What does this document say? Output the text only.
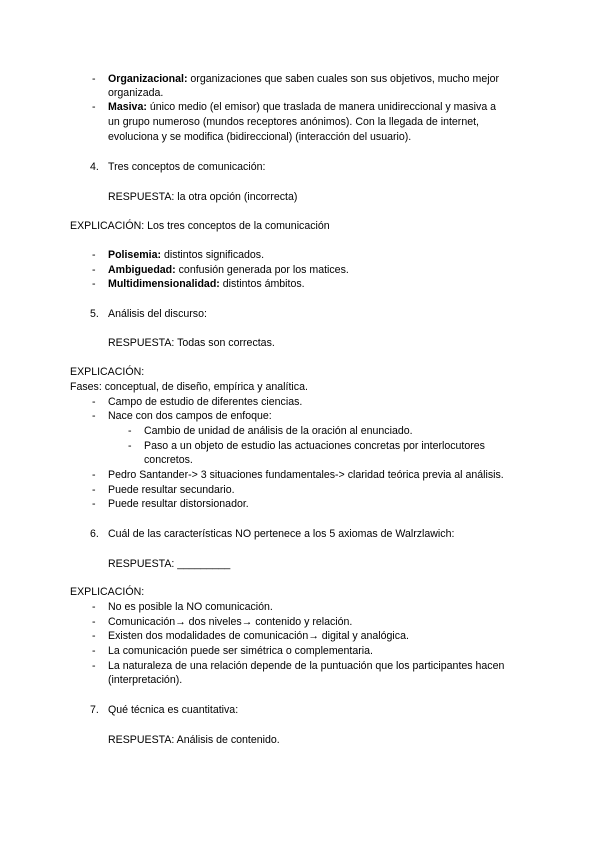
- Organizacional: organizaciones que saben cuales son sus objetivos, mucho mejor
organizada.
- Masiva: único medio (el emisor) que traslada de manera unidireccional y masiva a
un grupo numeroso (mundos receptores anónimos). Con la llegada de internet,
evoluciona y se modifica (bidireccional) (interacción del usuario).
4. Tres conceptos de comunicación:
RESPUESTA: la otra opción (incorrecta)
EXPLICACIÓN: Los tres conceptos de la comunicación
- Polisemia: distintos significados.
- Ambiguedad: confusión generada por los matices.
- Multidimensionalidad: distintos ámbitos.
5. Análisis del discurso:
RESPUESTA: Todas son correctas.
EXPLICACIÓN:
Fases: conceptual, de diseño, empírica y analítica.
- Campo de estudio de diferentes ciencias.
- Nace con dos campos de enfoque:
- Cambio de unidad de análisis de la oración al enunciado.
- Paso a un objeto de estudio las actuaciones concretas por interlocutores
concretos.
- Pedro Santander-> 3 situaciones fundamentales-> claridad teórica previa al análisis.
- Puede resultar secundario.
- Puede resultar distorsionador.
6. Cuál de las características NO pertenece a los 5 axiomas de Walrzlawich:
RESPUESTA: _________
EXPLICACIÓN:
- No es posible la NO comunicación.
- Comunicación→ dos niveles→ contenido y relación.
- Existen dos modalidades de comunicación→ digital y analógica.
- La comunicación puede ser simétrica o complementaria.
- La naturaleza de una relación depende de la puntuación que los participantes hacen
(interpretación).
7. Qué técnica es cuantitativa:
RESPUESTA: Análisis de contenido.
